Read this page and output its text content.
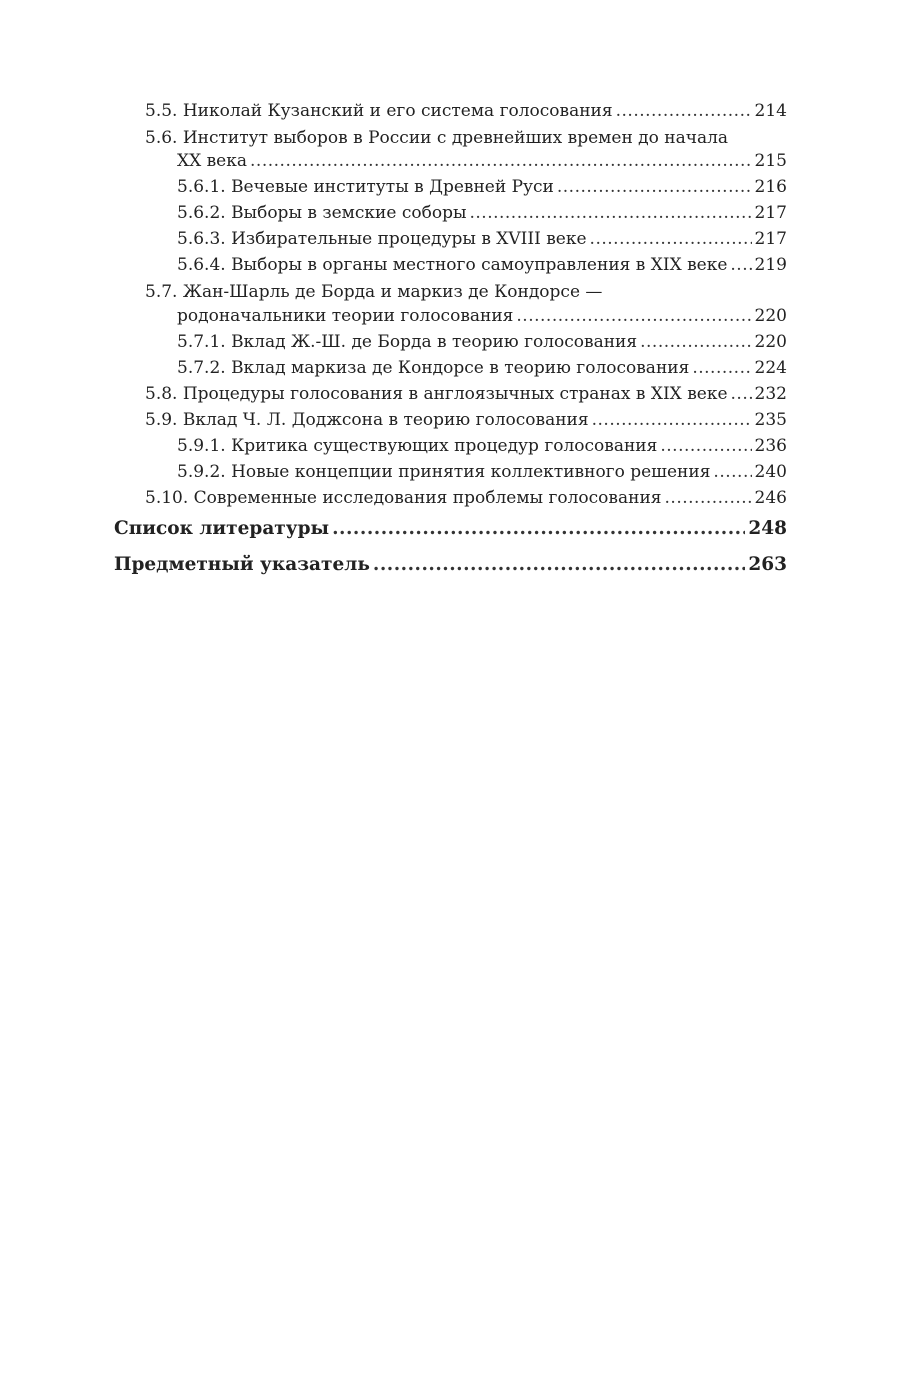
5.5. Николай Кузанский и его система голосования .....	214
5.6. Институт выборов в России с древнейших времен до начала
XX века .....	215
5.6.1. Вечевые институты в Древней Руси .....	216
5.6.2. Выборы в земские соборы .....	217
5.6.3. Избирательные процедуры в XVIII веке .....	217
5.6.4. Выборы в органы местного самоуправления в XIX веке ..... 219
5.7. Жан-Шарль де Борда и маркиз де Кондорсе —
родоначальники теории голосования .....	220
5.7.1. Вклад Ж.-Ш. де Борда в теорию голосования .....	220
5.7.2. Вклад маркиза де Кондорсе в теорию голосования .....	224
5.8. Процедуры голосования в англоязычных странах в XIX веке ..... 232
5.9. Вклад Ч. Л. Доджсона в теорию голосования .....	235
5.9.1. Критика существующих процедур голосования .....	236
5.9.2. Новые концепции принятия коллективного решения .....	240
5.10. Современные исследования проблемы голосования .....	246
Список литературы .....	248
Предметный указатель .....	263
